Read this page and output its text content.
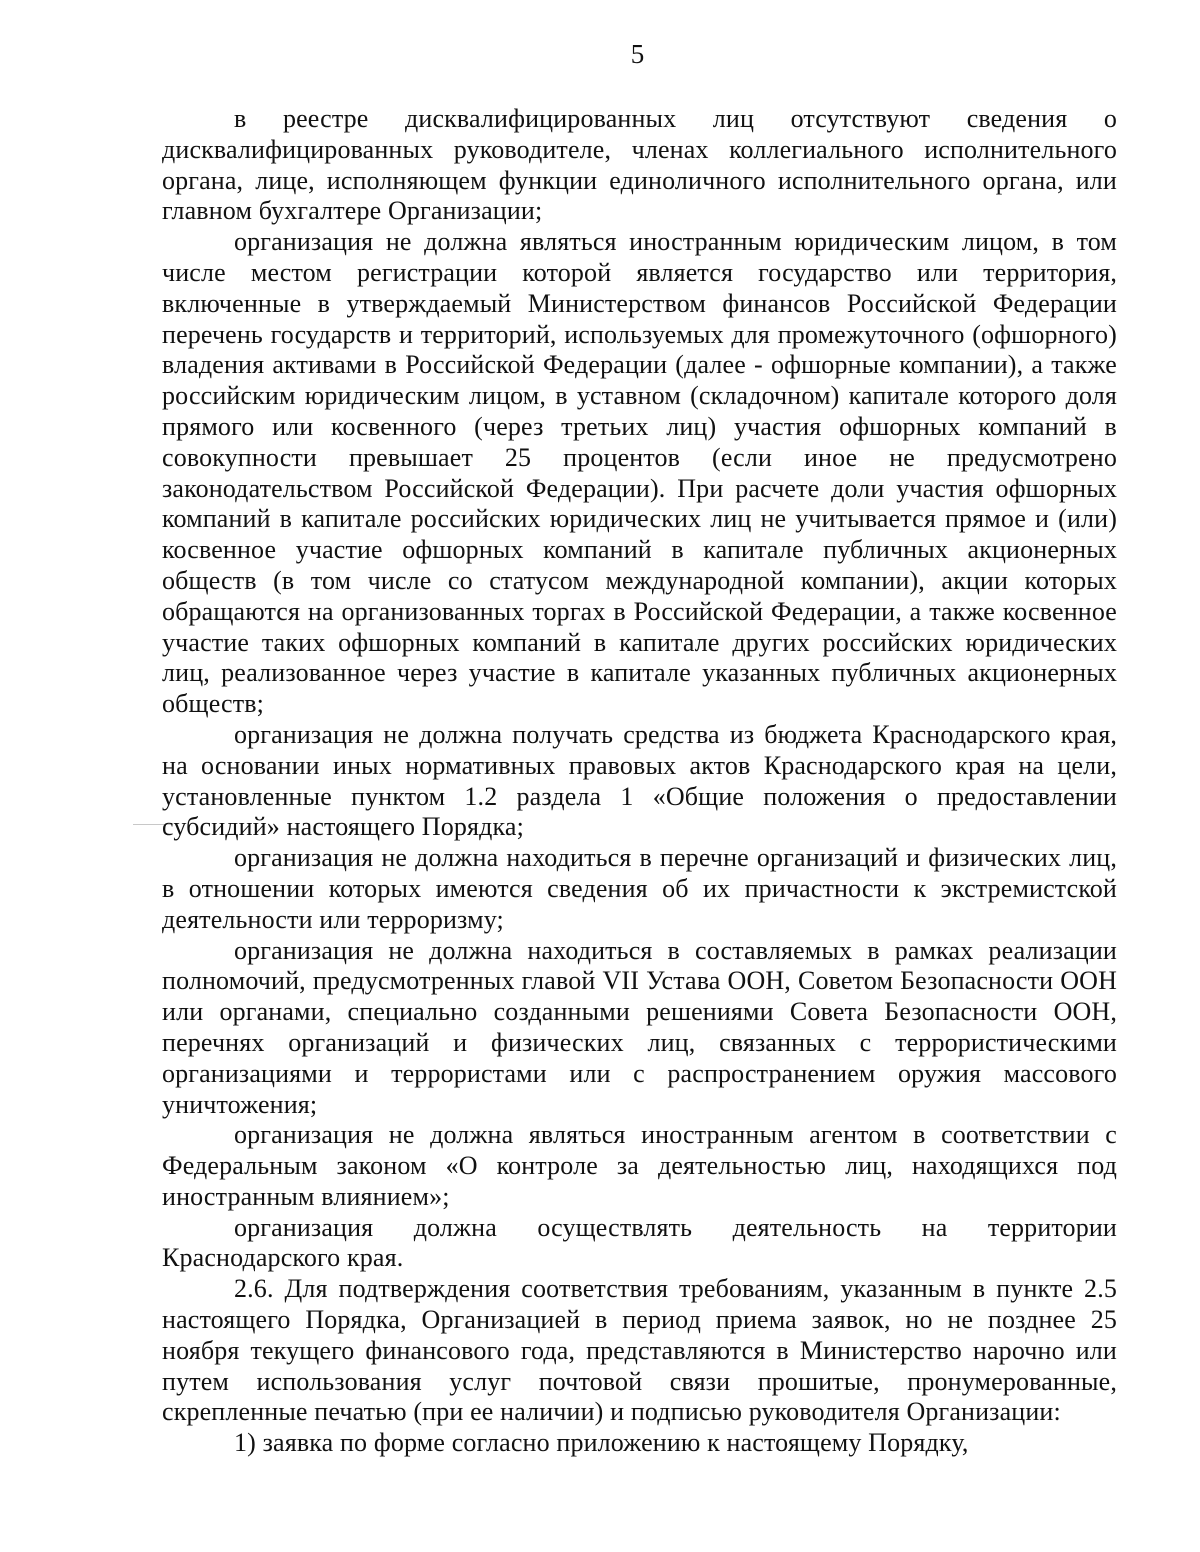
5

в реестре дисквалифицированных лиц отсутствуют сведения о дисквалифицированных руководителе, членах коллегиального исполнительного органа, лице, исполняющем функции единоличного исполнительного органа, или главном бухгалтере Организации;

организация не должна являться иностранным юридическим лицом, в том числе местом регистрации которой является государство или территория, включенные в утверждаемый Министерством финансов Российской Федерации перечень государств и территорий, используемых для промежуточного (офшорного) владения активами в Российской Федерации (далее - офшорные компании), а также российским юридическим лицом, в уставном (складочном) капитале которого доля прямого или косвенного (через третьих лиц) участия офшорных компаний в совокупности превышает 25 процентов (если иное не предусмотрено законодательством Российской Федерации). При расчете доли участия офшорных компаний в капитале российских юридических лиц не учитывается прямое и (или) косвенное участие офшорных компаний в капитале публичных акционерных обществ (в том числе со статусом международной компании), акции которых обращаются на организованных торгах в Российской Федерации, а также косвенное участие таких офшорных компаний в капитале других российских юридических лиц, реализованное через участие в капитале указанных публичных акционерных обществ;

организация не должна получать средства из бюджета Краснодарского края, на основании иных нормативных правовых актов Краснодарского края на цели, установленные пунктом 1.2 раздела 1 «Общие положения о предоставлении субсидий» настоящего Порядка;

организация не должна находиться в перечне организаций и физических лиц, в отношении которых имеются сведения об их причастности к экстремистской деятельности или терроризму;

организация не должна находиться в составляемых в рамках реализации полномочий, предусмотренных главой VII Устава ООН, Советом Безопасности ООН или органами, специально созданными решениями Совета Безопасности ООН, перечнях организаций и физических лиц, связанных с террористическими организациями и террористами или с распространением оружия массового уничтожения;

организация не должна являться иностранным агентом в соответствии с Федеральным законом «О контроле за деятельностью лиц, находящихся под иностранным влиянием»;

организация должна осуществлять деятельность на территории Краснодарского края.

2.6. Для подтверждения соответствия требованиям, указанным в пункте 2.5 настоящего Порядка, Организацией в период приема заявок, но не позднее 25 ноября текущего финансового года, представляются в Министерство нарочно или путем использования услуг почтовой связи прошитые, пронумерованные, скрепленные печатью (при ее наличии) и подписью руководителя Организации:

1) заявка по форме согласно приложению к настоящему Порядку,
